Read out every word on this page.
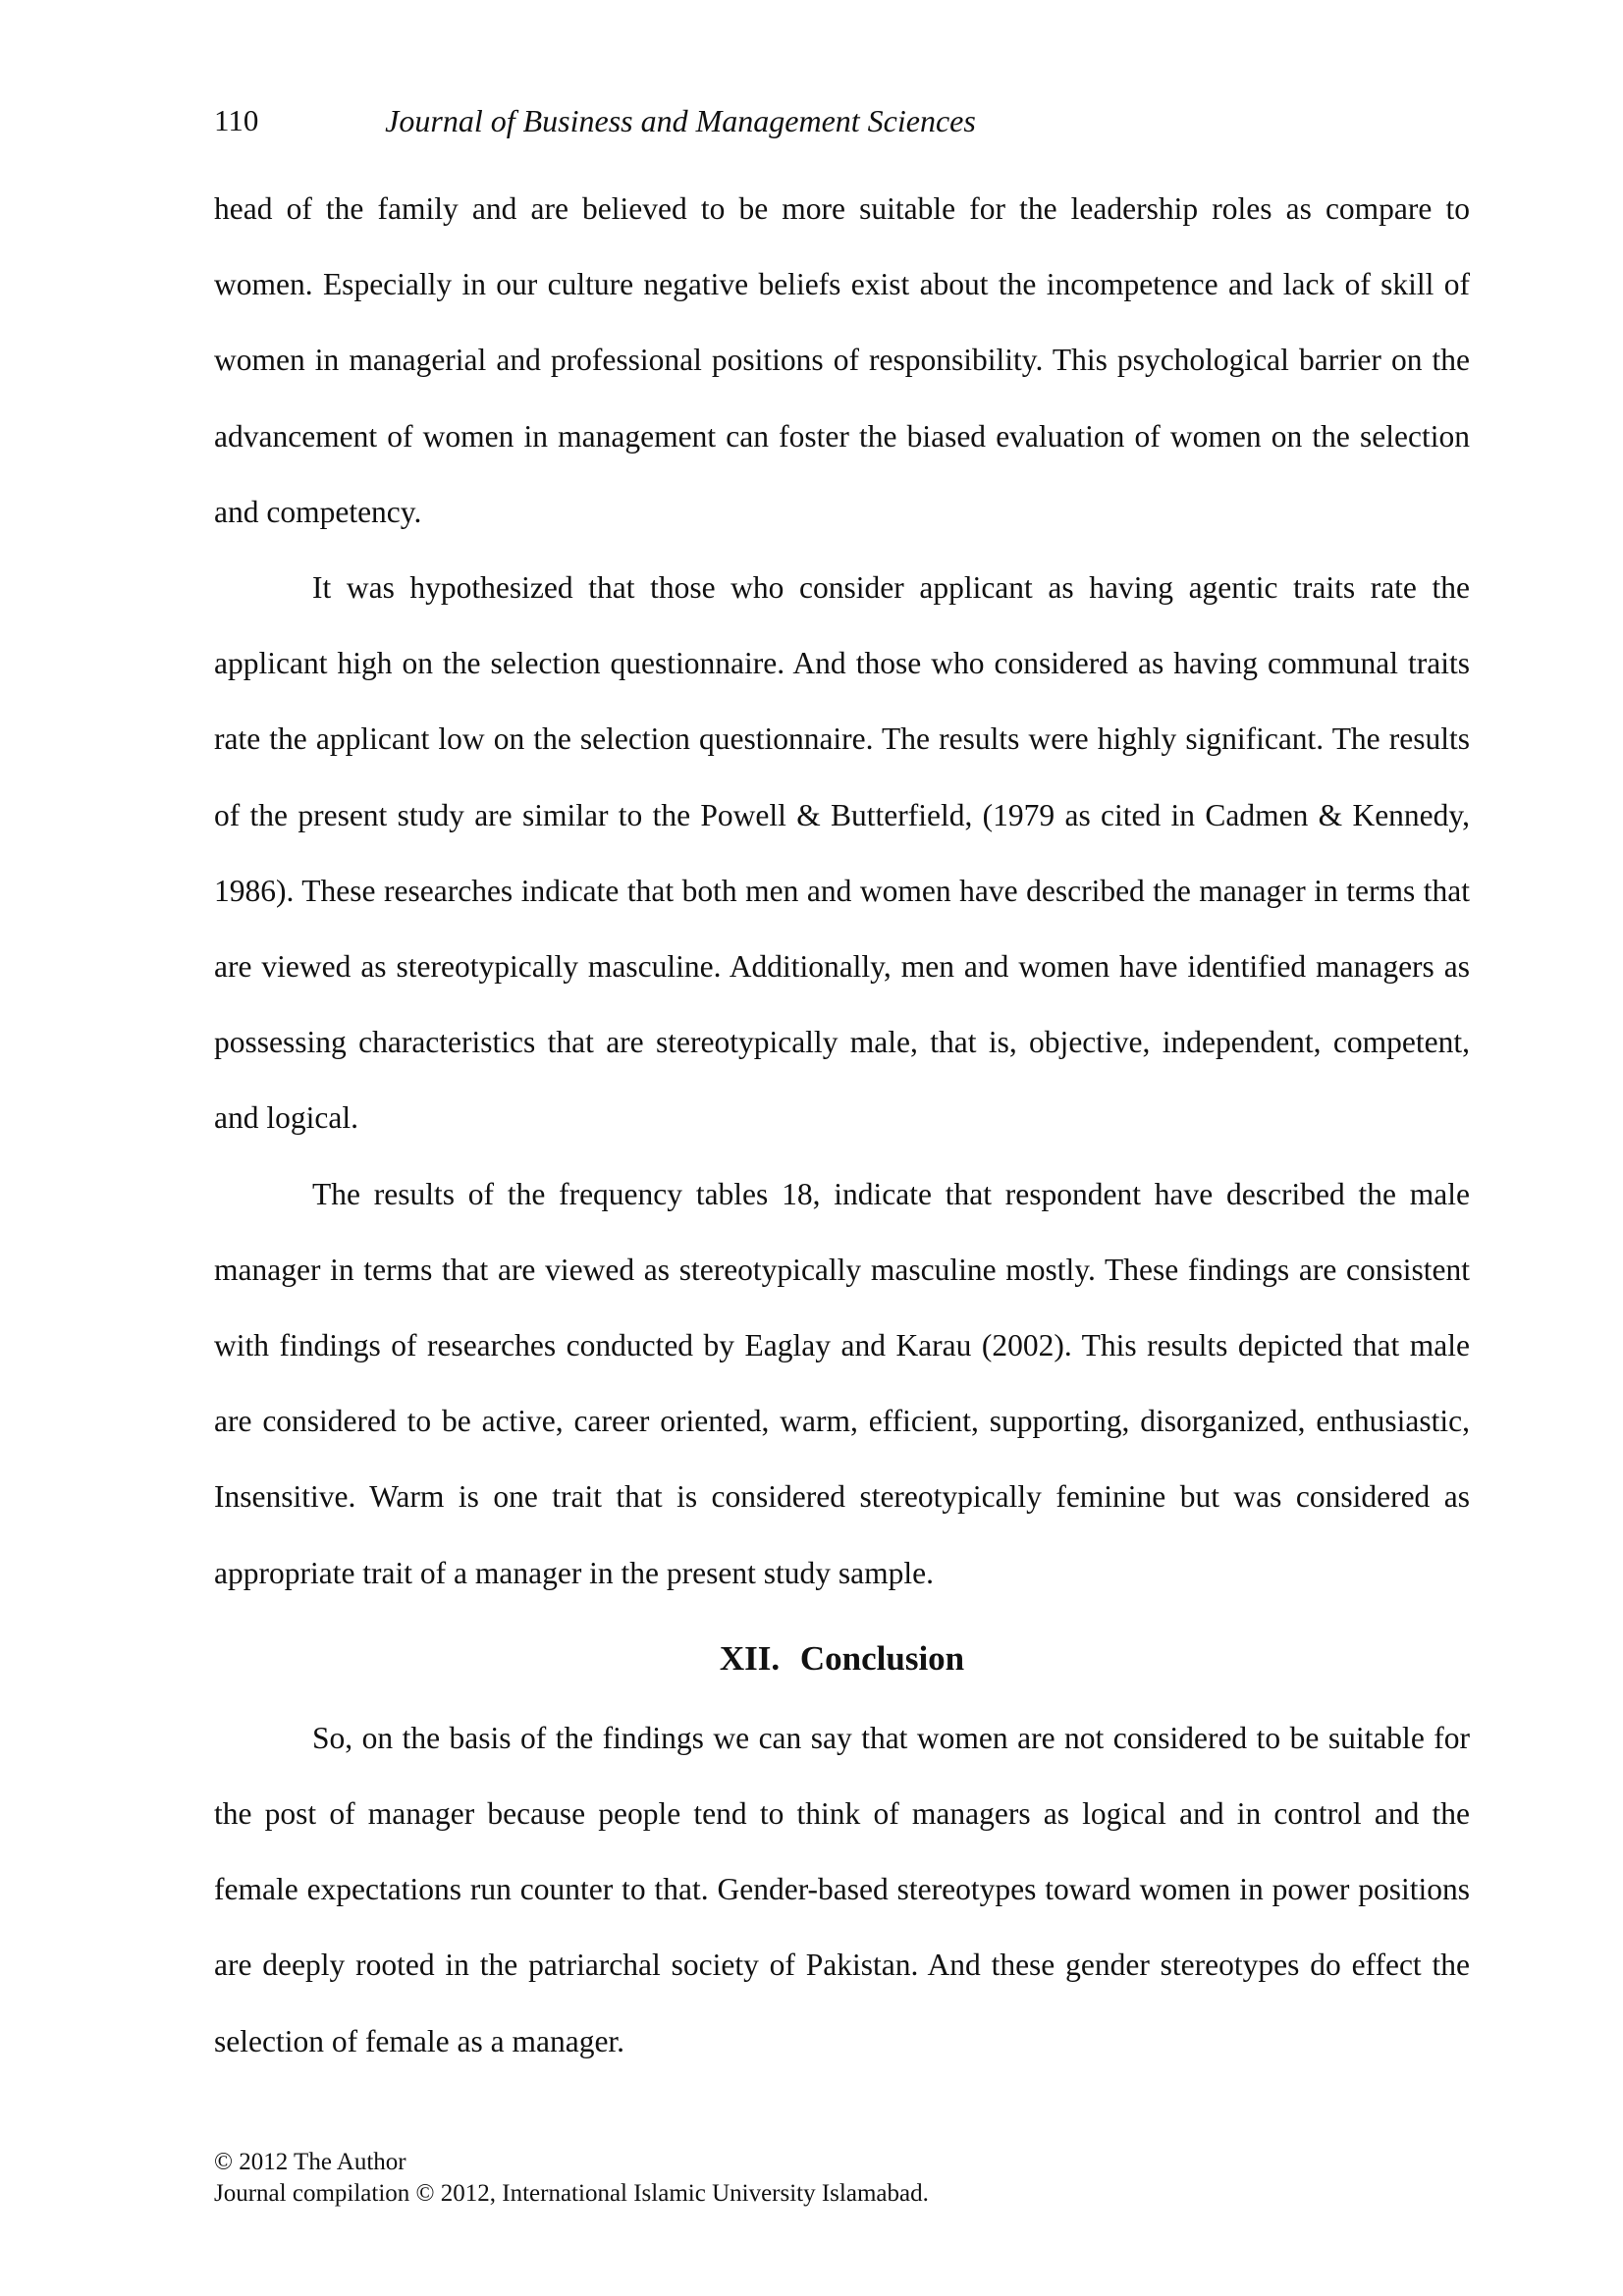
110	Journal of Business and Management Sciences

head of the family and are believed to be more suitable for the leadership roles as compare to women. Especially in our culture negative beliefs exist about the incompetence and lack of skill of women in managerial and professional positions of responsibility. This psychological barrier on the advancement of women in management can foster the biased evaluation of women on the selection and competency.

It was hypothesized that those who consider applicant as having agentic traits rate the applicant high on the selection questionnaire. And those who considered as having communal traits rate the applicant low on the selection questionnaire. The results were highly significant. The results of the present study are similar to the Powell & Butterfield, (1979 as cited in Cadmen & Kennedy, 1986). These researches indicate that both men and women have described the manager in terms that are viewed as stereotypically masculine. Additionally, men and women have identified managers as possessing characteristics that are stereotypically male, that is, objective, independent, competent, and logical.

The results of the frequency tables 18, indicate that respondent have described the male manager in terms that are viewed as stereotypically masculine mostly. These findings are consistent with findings of researches conducted by Eaglay and Karau (2002). This results depicted that male are considered to be active, career oriented, warm, efficient, supporting, disorganized, enthusiastic, Insensitive. Warm is one trait that is considered stereotypically feminine but was considered as appropriate trait of a manager in the present study sample.

XII. Conclusion

So, on the basis of the findings we can say that women are not considered to be suitable for the post of manager because people tend to think of managers as logical and in control and the female expectations run counter to that. Gender-based stereotypes toward women in power positions are deeply rooted in the patriarchal society of Pakistan. And these gender stereotypes do effect the selection of female as a manager.

© 2012 The Author
Journal compilation © 2012, International Islamic University Islamabad.
